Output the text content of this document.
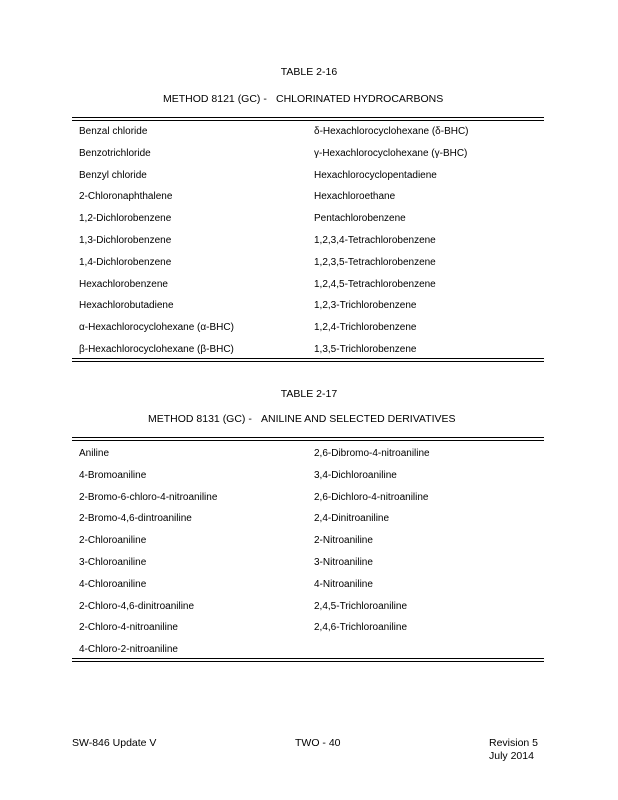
TABLE 2-16
METHOD 8121 (GC) - CHLORINATED HYDROCARBONS
Benzal chloride
Benzotrichloride
Benzyl chloride
2-Chloronaphthalene
1,2-Dichlorobenzene
1,3-Dichlorobenzene
1,4-Dichlorobenzene
Hexachlorobenzene
Hexachlorobutadiene
α-Hexachlorocyclohexane (α-BHC)
β-Hexachlorocyclohexane (β-BHC)
δ-Hexachlorocyclohexane (δ-BHC)
γ-Hexachlorocyclohexane (γ-BHC)
Hexachlorocyclopentadiene
Hexachloroethane
Pentachlorobenzene
1,2,3,4-Tetrachlorobenzene
1,2,3,5-Tetrachlorobenzene
1,2,4,5-Tetrachlorobenzene
1,2,3-Trichlorobenzene
1,2,4-Trichlorobenzene
1,3,5-Trichlorobenzene
TABLE 2-17
METHOD 8131 (GC) - ANILINE AND SELECTED DERIVATIVES
Aniline
4-Bromoaniline
2-Bromo-6-chloro-4-nitroaniline
2-Bromo-4,6-dintroaniline
2-Chloroaniline
3-Chloroaniline
4-Chloroaniline
2-Chloro-4,6-dinitroaniline
2-Chloro-4-nitroaniline
4-Chloro-2-nitroaniline
2,6-Dibromo-4-nitroaniline
3,4-Dichloroaniline
2,6-Dichloro-4-nitroaniline
2,4-Dinitroaniline
2-Nitroaniline
3-Nitroaniline
4-Nitroaniline
2,4,5-Trichloroaniline
2,4,6-Trichloroaniline
SW-846 Update V	TWO - 40	Revision 5
July 2014
